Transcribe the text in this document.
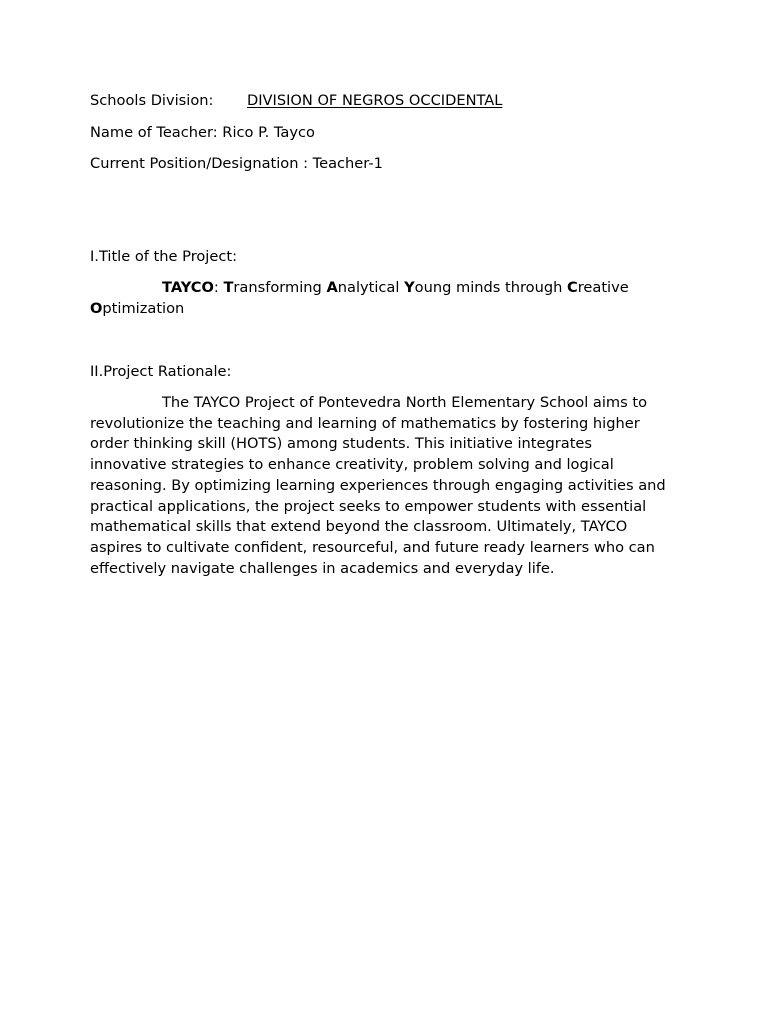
Schools Division: DIVISION OF NEGROS OCCIDENTAL
Name of Teacher: Rico P. Tayco
Current Position/Designation : Teacher-1
I.Title of the Project:

TAYCO: Transforming Analytical Young minds through Creative
Optimization

II.Project Rationale:

The TAYCO Project of Pontevedra North Elementary School aims to revolutionize the teaching and learning of mathematics by fostering higher order thinking skill (HOTS) among students. This initiative integrates innovative strategies to enhance creativity, problem solving and logical reasoning. By optimizing learning experiences through engaging activities and practical applications, the project seeks to empower students with essential mathematical skills that extend beyond the classroom. Ultimately, TAYCO aspires to cultivate confident, resourceful, and future ready learners who can effectively navigate challenges in academics and everyday life.
